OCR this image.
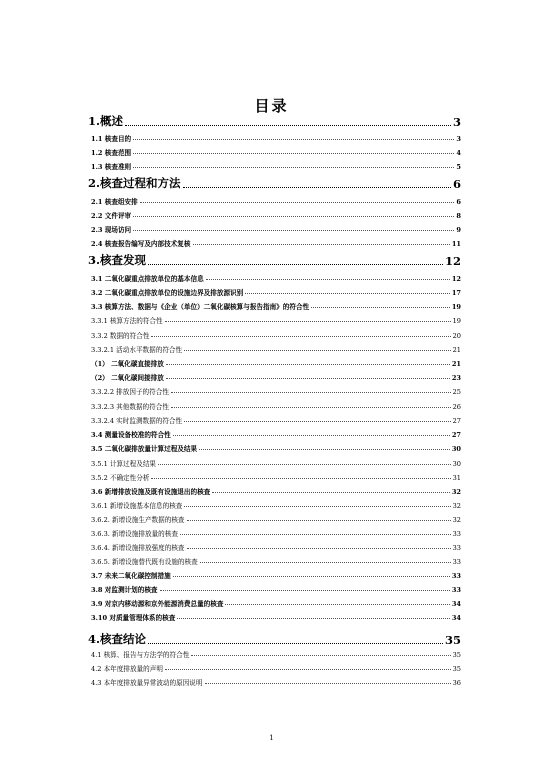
目录
1.概述	3
1.1 核查目的	3
1.2 核查范围	4
1.3 核查准则	5
2.核查过程和方法	6
2.1 核查组安排	6
2.2 文件评审	8
2.3 现场访问	9
2.4 核查报告编写及内部技术复核	11
3.核查发现	12
3.1 二氧化碳重点排放单位的基本信息	12
3.2 二氧化碳重点排放单位的设施边界及排放源识别	17
3.3 核算方法、数据与《企业（单位）二氧化碳核算与报告指南》的符合性	19
3.3.1 核算方法的符合性	19
3.3.2 数据的符合性	20
3.3.2.1 活动水平数据的符合性	21
（1） 二氧化碳直接排放	21
（2） 二氧化碳间接排放	23
3.3.2.2 排放因子的符合性	25
3.3.2.3 其他数据的符合性	26
3.3.2.4 实时监测数据的符合性	27
3.4 测量设备校准的符合性	27
3.5 二氧化碳排放量计算过程及结果	30
3.5.1 计算过程及结果	30
3.5.2 不确定性分析	31
3.6 新增排放设施及既有设施退出的核查	32
3.6.1 新增设施基本信息的核查	32
3.6.2. 新增设施生产数据的核查	32
3.6.3. 新增设施排放量的核查	33
3.6.4. 新增设施排放强度的核查	33
3.6.5. 新增设施替代既有设施的核查	33
3.7 未来二氧化碳控制措施	33
3.8 对监测计划的核查	33
3.9 对京内移动源和京外能源消费总量的核查	34
3.10 对质量管理体系的核查	34
4.核查结论	35
4.1 核算、报告与方法学的符合性	35
4.2 本年度排放量的声明	35
4.3 本年度排放量异常波动的原因说明	36
1
